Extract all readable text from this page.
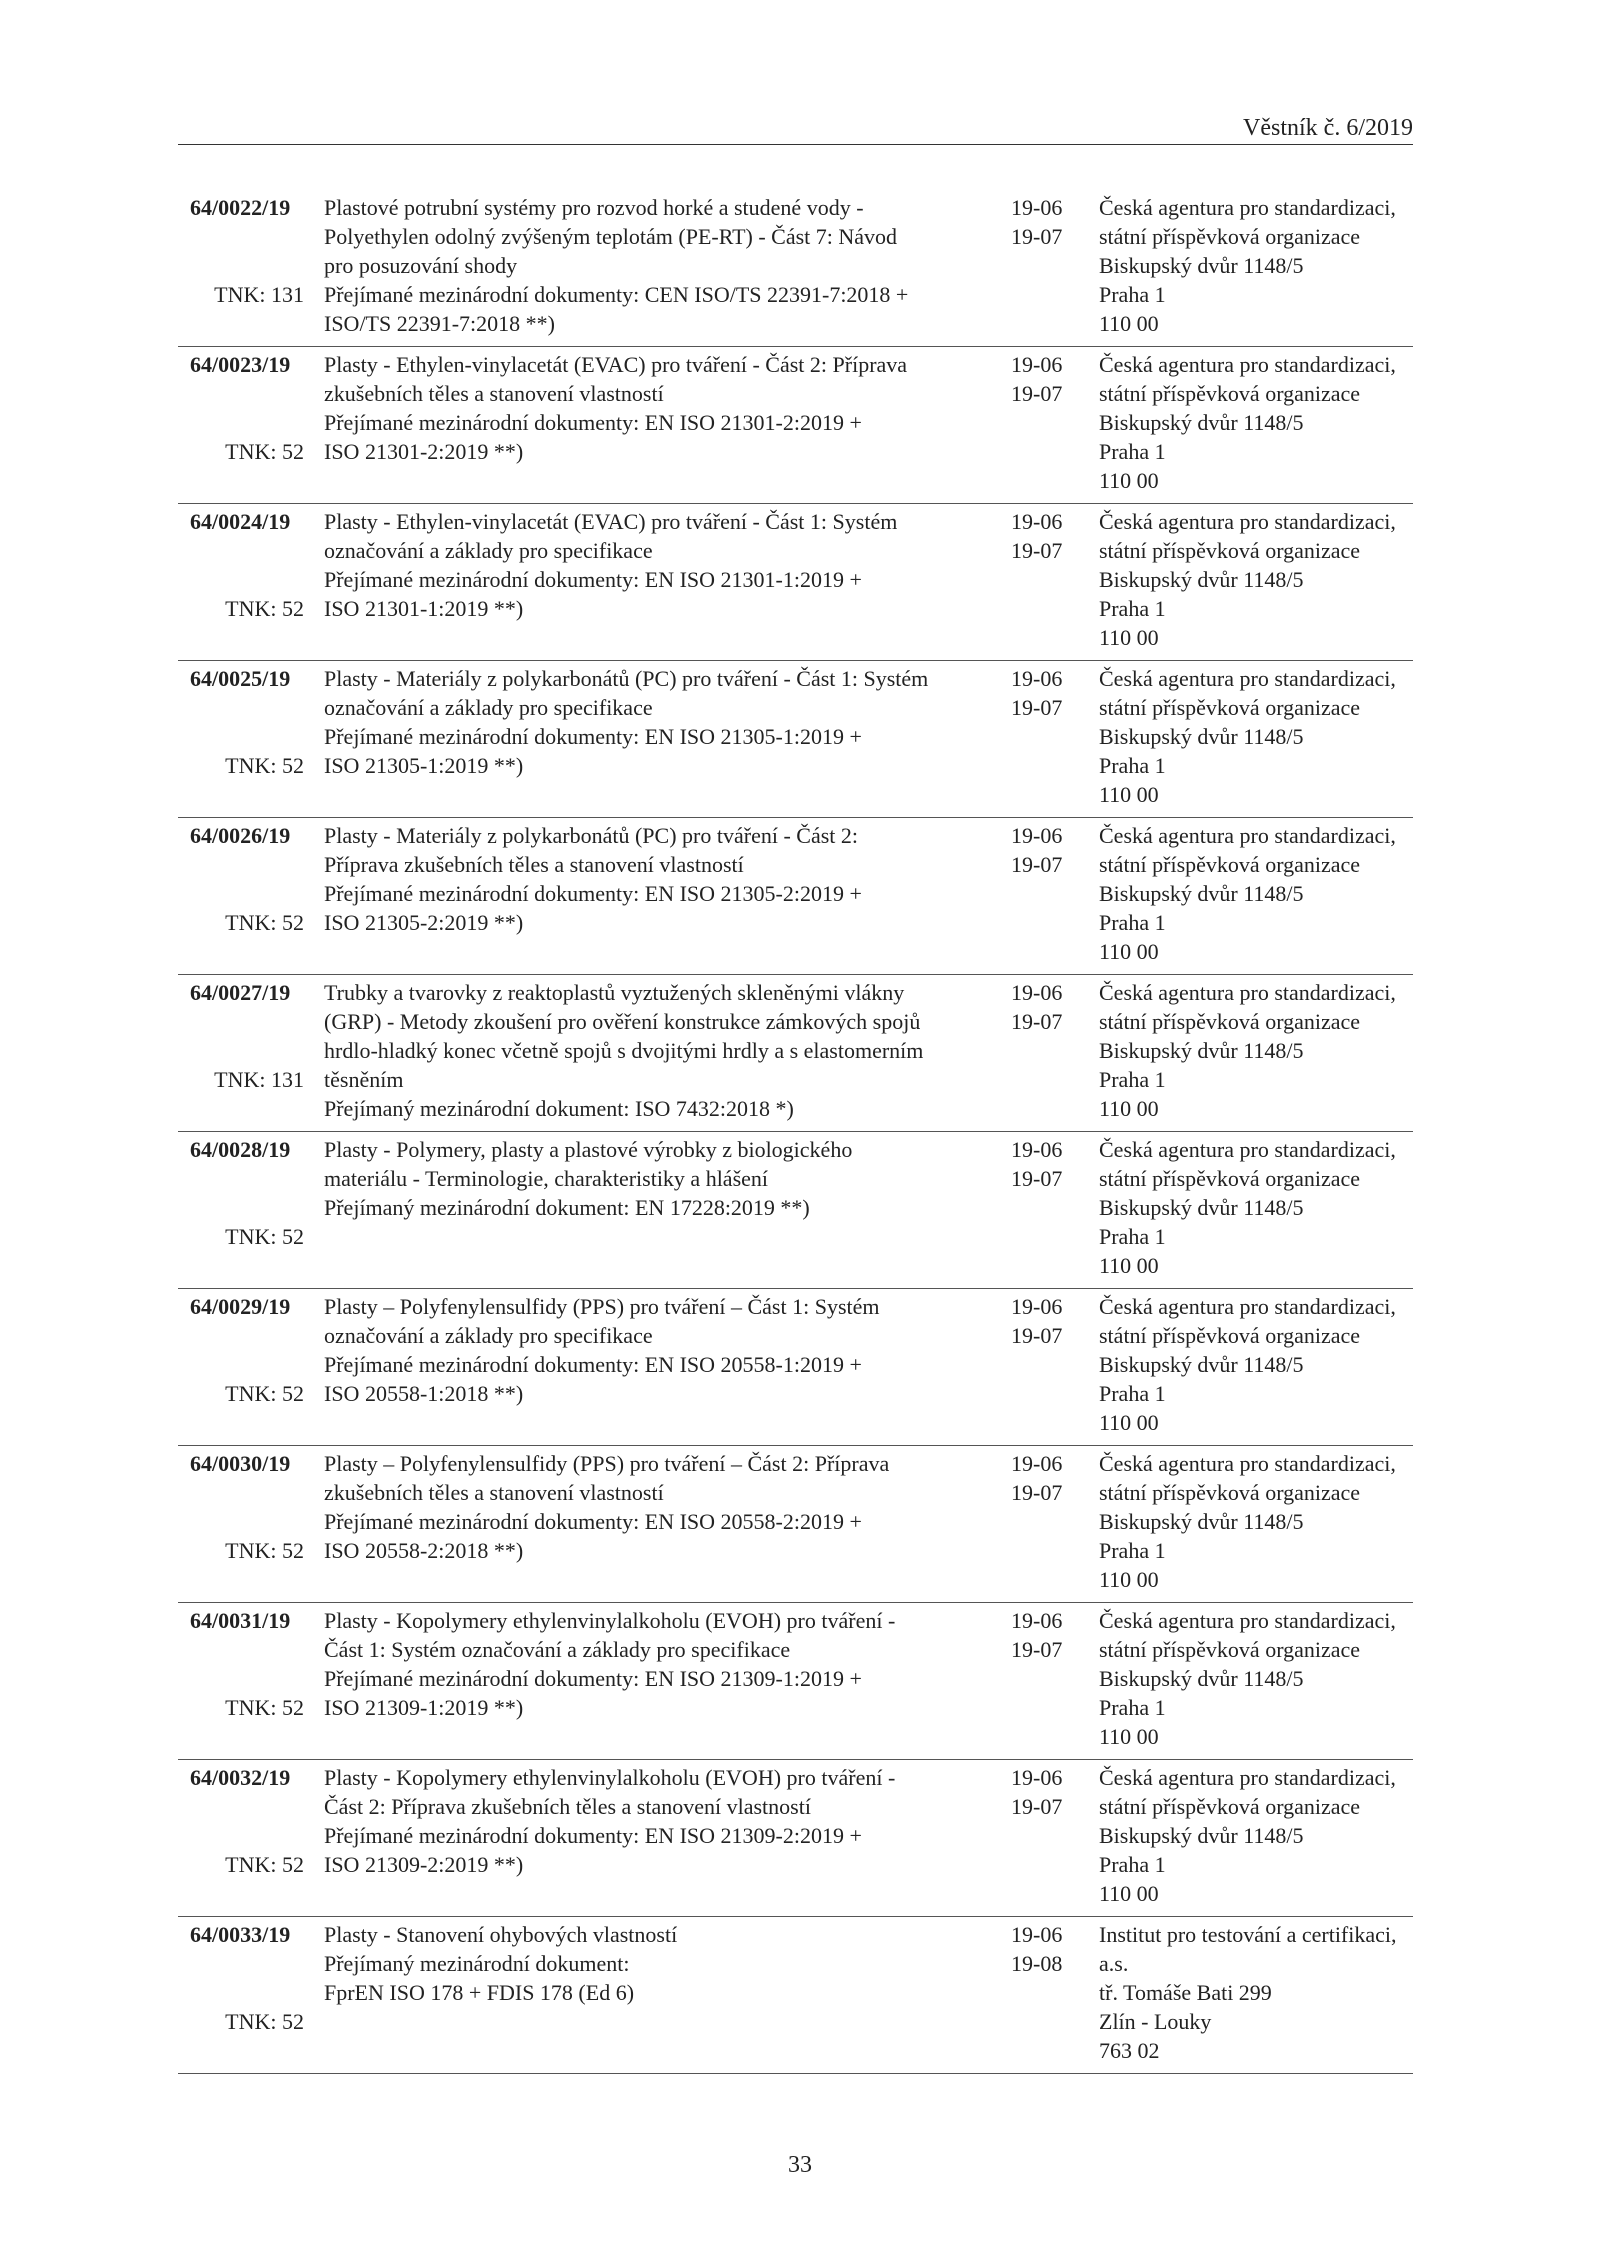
Věstník č. 6/2019
64/0022/19
TNK: 131
Plastové potrubní systémy pro rozvod horké a studené vody -
Polyethylen odolný zvýšeným teplotám (PE-RT) - Část 7: Návod
pro posuzování shody
Přejímané mezinárodní dokumenty: CEN ISO/TS 22391-7:2018 +
ISO/TS 22391-7:2018 **)
19-06
19-07
Česká agentura pro standardizaci,
státní příspěvková organizace
Biskupský dvůr 1148/5
Praha 1
110 00
64/0023/19
TNK: 52
Plasty - Ethylen-vinylacetát (EVAC) pro tváření - Část 2: Příprava
zkušebních těles a stanovení vlastností
Přejímané mezinárodní dokumenty: EN ISO 21301-2:2019 +
ISO 21301-2:2019 **)
19-06
19-07
Česká agentura pro standardizaci,
státní příspěvková organizace
Biskupský dvůr 1148/5
Praha 1
110 00
64/0024/19
TNK: 52
Plasty - Ethylen-vinylacetát (EVAC) pro tváření - Část 1: Systém
označování a základy pro specifikace
Přejímané mezinárodní dokumenty: EN ISO 21301-1:2019 +
ISO 21301-1:2019 **)
19-06
19-07
Česká agentura pro standardizaci,
státní příspěvková organizace
Biskupský dvůr 1148/5
Praha 1
110 00
64/0025/19
TNK: 52
Plasty - Materiály z polykarbonátů (PC) pro tváření - Část 1: Systém
označování a základy pro specifikace
Přejímané mezinárodní dokumenty: EN ISO 21305-1:2019 +
ISO 21305-1:2019 **)
19-06
19-07
Česká agentura pro standardizaci,
státní příspěvková organizace
Biskupský dvůr 1148/5
Praha 1
110 00
64/0026/19
TNK: 52
Plasty - Materiály z polykarbonátů (PC) pro tváření - Část 2:
Příprava zkušebních těles a stanovení vlastností
Přejímané mezinárodní dokumenty: EN ISO 21305-2:2019 +
ISO 21305-2:2019 **)
19-06
19-07
Česká agentura pro standardizaci,
státní příspěvková organizace
Biskupský dvůr 1148/5
Praha 1
110 00
64/0027/19
TNK: 131
Trubky a tvarovky z reaktoplastů vyztužených skleněnými vlákny
(GRP) - Metody zkoušení pro ověření konstrukce zámkových spojů
hrdlo-hladký konec včetně spojů s dvojitými hrdly a s elastomerním
těsněním
Přejímaný mezinárodní dokument: ISO 7432:2018 *)
19-06
19-07
Česká agentura pro standardizaci,
státní příspěvková organizace
Biskupský dvůr 1148/5
Praha 1
110 00
64/0028/19
TNK: 52
Plasty - Polymery, plasty a plastové výrobky z biologického
materiálu - Terminologie, charakteristiky a hlášení
Přejímaný mezinárodní dokument: EN 17228:2019 **)
19-06
19-07
Česká agentura pro standardizaci,
státní příspěvková organizace
Biskupský dvůr 1148/5
Praha 1
110 00
64/0029/19
TNK: 52
Plasty – Polyfenylensulfidy (PPS) pro tváření – Část 1: Systém
označování a základy pro specifikace
Přejímané mezinárodní dokumenty: EN ISO 20558-1:2019 +
ISO 20558-1:2018 **)
19-06
19-07
Česká agentura pro standardizaci,
státní příspěvková organizace
Biskupský dvůr 1148/5
Praha 1
110 00
64/0030/19
TNK: 52
Plasty – Polyfenylensulfidy (PPS) pro tváření – Část 2: Příprava
zkušebních těles a stanovení vlastností
Přejímané mezinárodní dokumenty: EN ISO 20558-2:2019 +
ISO 20558-2:2018 **)
19-06
19-07
Česká agentura pro standardizaci,
státní příspěvková organizace
Biskupský dvůr 1148/5
Praha 1
110 00
64/0031/19
TNK: 52
Plasty - Kopolymery ethylenvinylalkoholu (EVOH) pro tváření -
Část 1: Systém označování a základy pro specifikace
Přejímané mezinárodní dokumenty: EN ISO 21309-1:2019 +
ISO 21309-1:2019 **)
19-06
19-07
Česká agentura pro standardizaci,
státní příspěvková organizace
Biskupský dvůr 1148/5
Praha 1
110 00
64/0032/19
TNK: 52
Plasty - Kopolymery ethylenvinylalkoholu (EVOH) pro tváření -
Část 2: Příprava zkušebních těles a stanovení vlastností
Přejímané mezinárodní dokumenty: EN ISO 21309-2:2019 +
ISO 21309-2:2019 **)
19-06
19-07
Česká agentura pro standardizaci,
státní příspěvková organizace
Biskupský dvůr 1148/5
Praha 1
110 00
64/0033/19
TNK: 52
Plasty - Stanovení ohybových vlastností
Přejímaný mezinárodní dokument:
FprEN ISO 178 + FDIS 178 (Ed 6)
19-06
19-08
Institut pro testování a certifikaci,
a.s.
tř. Tomáše Bati 299
Zlín - Louky
763 02
33
